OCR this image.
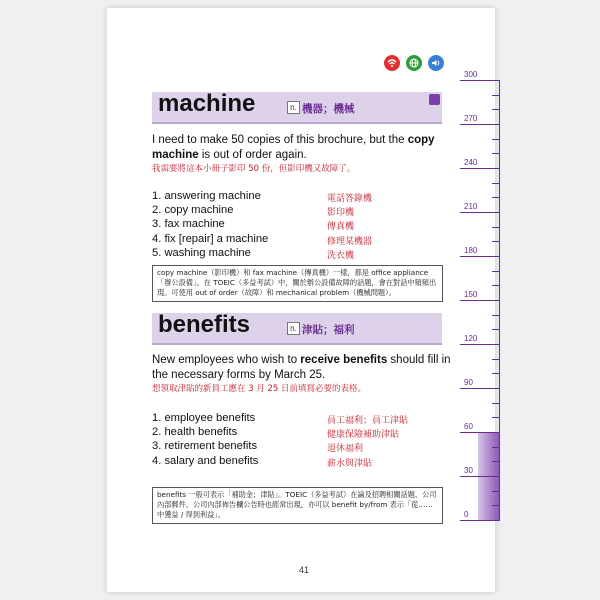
machine	n. 機器；機械
I need to make 50 copies of this brochure, but the copy machine is out of order again.
我需要將這本小冊子影印 50 份，但影印機又故障了。
1. answering machine	電話答錄機
2. copy machine	影印機
3. fax machine	傳真機
4. fix [repair] a machine	修理某機器
5. washing machine	洗衣機
copy machine（影印機）和 fax machine（傳真機）一樣，都是 office appliance「辦公設備」。在 TOEIC（多益考試）中，關於辦公設備故障的話題，會在對話中頻頻出現。可使用 out of order（故障）和 mechanical problem（機械問題）。
benefits	n. 津貼；福利
New employees who wish to receive benefits should fill in the necessary forms by March 25.
想領取津貼的新員工應在 3 月 25 日前填寫必要的表格。
1. employee benefits	員工福利；員工津貼
2. health benefits	健康保險補助津貼
3. retirement benefits	退休福利
4. salary and benefits	薪水與津貼
benefits 一般可表示「補助金；津貼」。TOEIC（多益考試）在論及招聘相關話題、公司內部郵件、公司內部佈告欄公告時也經常出現，亦可以 benefit by/from 表示「從……中獲益 / 得到利益」。
41
300
270
240
210
180
150
120
90
60
30
0
